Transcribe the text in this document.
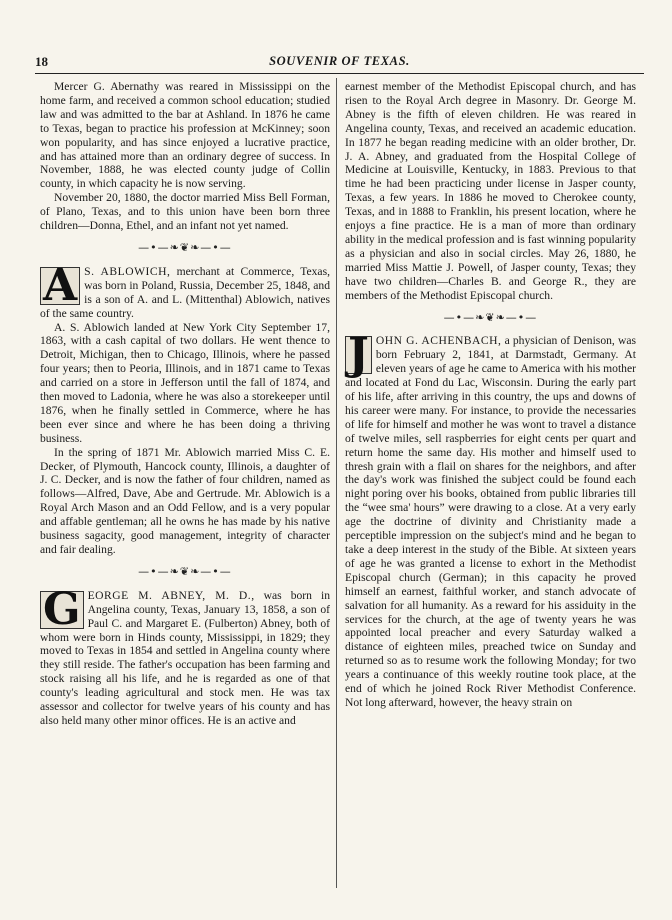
18	SOUVENIR OF TEXAS.

Mercer G. Abernathy was reared in Mississippi on the home farm, and received a common school education; studied law and was admitted to the bar at Ashland. In 1876 he came to Texas, began to practice his profession at McKinney; soon won popularity, and has since enjoyed a lucrative practice, and has attained more than an ordinary degree of success. In November, 1888, he was elected county judge of Collin county, in which capacity he is now serving.

November 20, 1880, the doctor married Miss Bell Forman, of Plano, Texas, and to this union have been born three children—Donna, Ethel, and an infant not yet named.

—•—❧❦❧—•—

A S. ABLOWICH, merchant at Commerce, Texas, was born in Poland, Russia, December 25, 1848, and is a son of A. and L. (Mittenthal) Ablowich, natives of the same country.

A. S. Ablowich landed at New York City September 17, 1863, with a cash capital of two dollars. He went thence to Detroit, Michigan, then to Chicago, Illinois, where he passed four years; then to Peoria, Illinois, and in 1871 came to Texas and carried on a store in Jefferson until the fall of 1874, and then moved to Ladonia, where he was also a storekeeper until 1876, when he finally settled in Commerce, where he has been ever since and where he has been doing a thriving business.

In the spring of 1871 Mr. Ablowich married Miss C. E. Decker, of Plymouth, Hancock county, Illinois, a daughter of J. C. Decker, and is now the father of four children, named as follows—Alfred, Dave, Abe and Gertrude. Mr. Ablowich is a Royal Arch Mason and an Odd Fellow, and is a very popular and affable gentleman; all he owns he has made by his native business sagacity, good management, integrity of character and fair dealing.

—•—❧❦❧—•—

G EORGE M. ABNEY, M. D., was born in Angelina county, Texas, January 13, 1858, a son of Paul C. and Margaret E. (Fulberton) Abney, both of whom were born in Hinds county, Mississippi, in 1829; they moved to Texas in 1854 and settled in Angelina county where they still reside. The father's occupation has been farming and stock raising all his life, and he is regarded as one of that county's leading agricultural and stock men. He was tax assessor and collector for twelve years of his county and has also held many other minor offices. He is an active and

earnest member of the Methodist Episcopal church, and has risen to the Royal Arch degree in Masonry. Dr. George M. Abney is the fifth of eleven children. He was reared in Angelina county, Texas, and received an academic education. In 1877 he began reading medicine with an older brother, Dr. J. A. Abney, and graduated from the Hospital College of Medicine at Louisville, Kentucky, in 1883. Previous to that time he had been practicing under license in Jasper county, Texas, a few years. In 1886 he moved to Cherokee county, Texas, and in 1888 to Franklin, his present location, where he enjoys a fine practice. He is a man of more than ordinary ability in the medical profession and is fast winning popularity as a physician and also in social circles. May 26, 1880, he married Miss Mattie J. Powell, of Jasper county, Texas; they have two children—Charles B. and George R., they are members of the Methodist Episcopal church.

—•—❧❦❧—•—

J OHN G. ACHENBACH, a physician of Denison, was born February 2, 1841, at Darmstadt, Germany. At eleven years of age he came to America with his mother and located at Fond du Lac, Wisconsin. During the early part of his life, after arriving in this country, the ups and downs of his career were many. For instance, to provide the necessaries of life for himself and mother he was wont to travel a distance of twelve miles, sell raspberries for eight cents per quart and return home the same day. His mother and himself used to thresh grain with a flail on shares for the neighbors, and after the day's work was finished the subject could be found each night poring over his books, obtained from public libraries till the “wee sma' hours” were drawing to a close. At a very early age the doctrine of divinity and Christianity made a perceptible impression on the subject's mind and he began to take a deep interest in the study of the Bible. At sixteen years of age he was granted a license to exhort in the Methodist Episcopal church (German); in this capacity he proved himself an earnest, faithful worker, and stanch advocate of salvation for all humanity. As a reward for his assiduity in the services for the church, at the age of twenty years he was appointed local preacher and every Saturday walked a distance of eighteen miles, preached twice on Sunday and returned so as to resume work the following Monday; for two years a continuance of this weekly routine took place, at the end of which he joined Rock River Methodist Conference. Not long afterward, however, the heavy strain on
